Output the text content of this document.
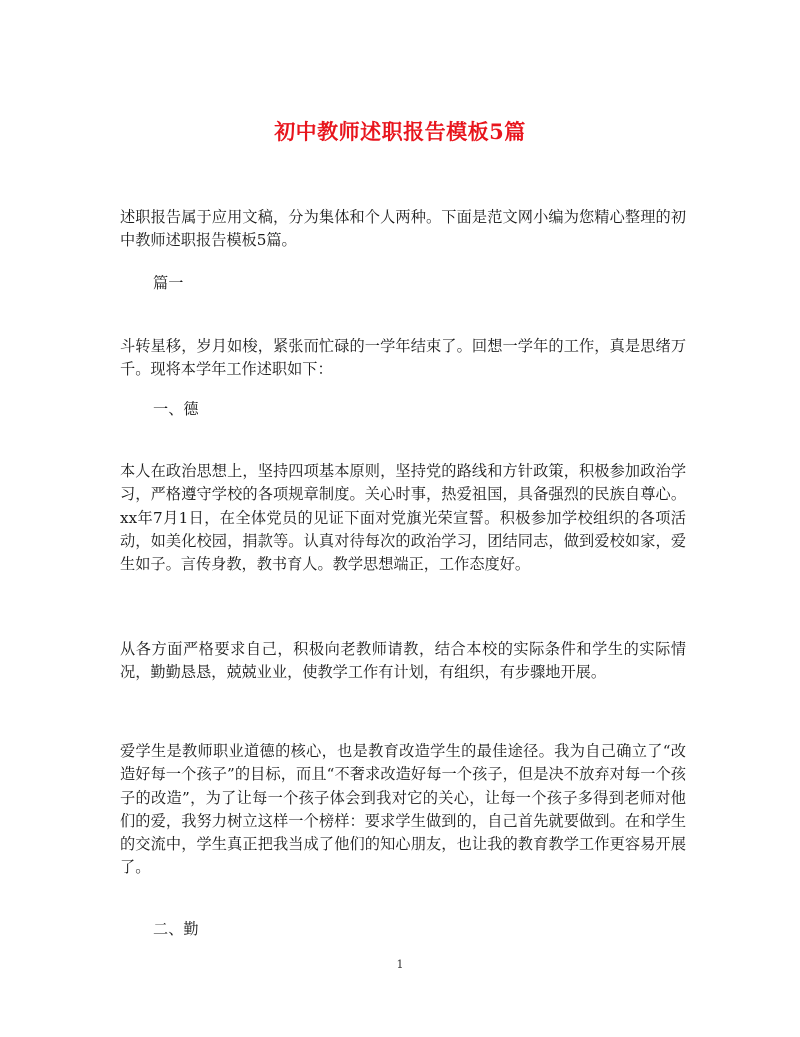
初中教师述职报告模板5篇

述职报告属于应用文稿，分为集体和个人两种。下面是范文网小编为您精心整理的初中教师述职报告模板5篇。

篇一

斗转星移，岁月如梭，紧张而忙碌的一学年结束了。回想一学年的工作，真是思绪万千。现将本学年工作述职如下：

一、德

本人在政治思想上，坚持四项基本原则，坚持党的路线和方针政策，积极参加政治学习，严格遵守学校的各项规章制度。关心时事，热爱祖国，具备强烈的民族自尊心。xx年7月1日，在全体党员的见证下面对党旗光荣宣誓。积极参加学校组织的各项活动，如美化校园，捐款等。认真对待每次的政治学习，团结同志，做到爱校如家，爱生如子。言传身教，教书育人。教学思想端正，工作态度好。

从各方面严格要求自己，积极向老教师请教，结合本校的实际条件和学生的实际情况，勤勤恳恳，兢兢业业，使教学工作有计划，有组织，有步骤地开展。

爱学生是教师职业道德的核心，也是教育改造学生的最佳途径。我为自己确立了“改造好每一个孩子”的目标，而且“不奢求改造好每一个孩子，但是决不放弃对每一个孩子的改造”，为了让每一个孩子体会到我对它的关心，让每一个孩子多得到老师对他们的爱，我努力树立这样一个榜样：要求学生做到的，自己首先就要做到。在和学生的交流中，学生真正把我当成了他们的知心朋友，也让我的教育教学工作更容易开展了。

二、勤

1
